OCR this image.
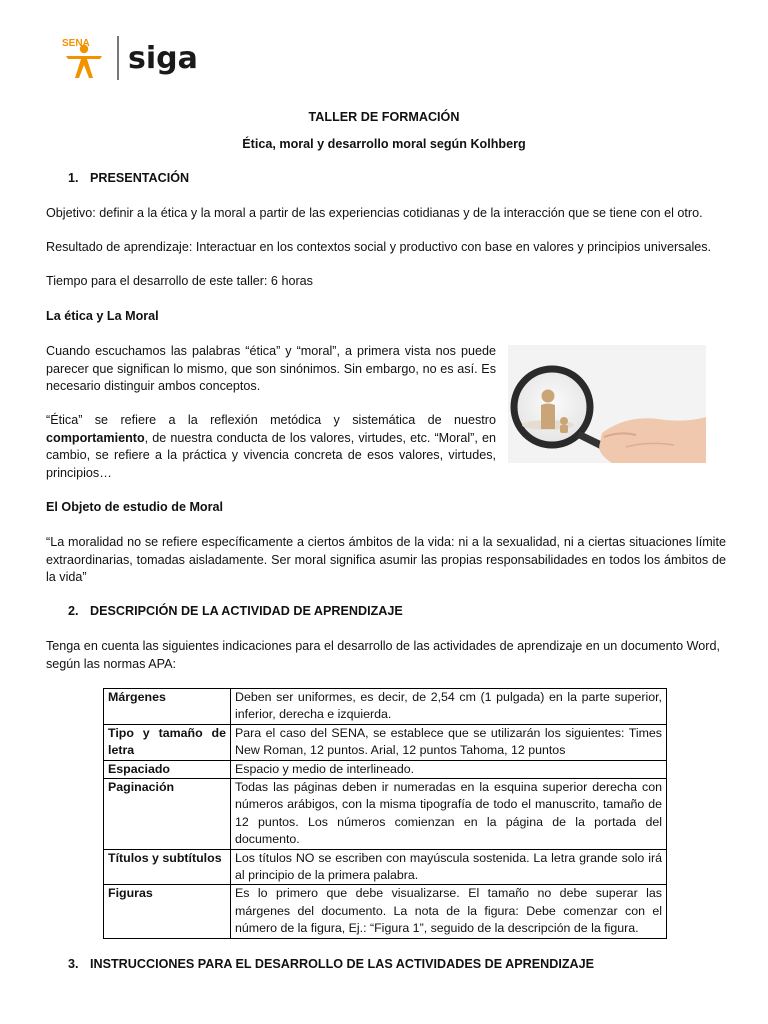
SENA siga
TALLER DE FORMACIÓN
Ética, moral y desarrollo moral según Kolhberg
1. PRESENTACIÓN
Objetivo: definir a la ética y la moral a partir de las experiencias cotidianas y de la interacción que se tiene con el otro.
Resultado de aprendizaje: Interactuar en los contextos social y productivo con base en valores y principios universales.
Tiempo para el desarrollo de este taller: 6 horas
La ética y La Moral
Cuando escuchamos las palabras “ética” y “moral”, a primera vista nos puede parecer que significan lo mismo, que son sinónimos. Sin embargo, no es así. Es necesario distinguir ambos conceptos.
“Ética” se refiere a la reflexión metódica y sistemática de nuestro comportamiento, de nuestra conducta de los valores, virtudes, etc. “Moral”, en cambio, se refiere a la práctica y vivencia concreta de esos valores, virtudes, principios…
El Objeto de estudio de Moral
“La moralidad no se refiere específicamente a ciertos ámbitos de la vida: ni a la sexualidad, ni a ciertas situaciones límite extraordinarias, tomadas aisladamente. Ser moral significa asumir las propias responsabilidades en todos los ámbitos de la vida”
2. DESCRIPCIÓN DE LA ACTIVIDAD DE APRENDIZAJE
Tenga en cuenta las siguientes indicaciones para el desarrollo de las actividades de aprendizaje en un documento Word, según las normas APA:
Márgenes	Deben ser uniformes, es decir, de 2,54 cm (1 pulgada) en la parte superior, inferior, derecha e izquierda.
Tipo y tamaño de letra	Para el caso del SENA, se establece que se utilizarán los siguientes: Times New Roman, 12 puntos. Arial, 12 puntos Tahoma, 12 puntos
Espaciado	Espacio y medio de interlineado.
Paginación	Todas las páginas deben ir numeradas en la esquina superior derecha con números arábigos, con la misma tipografía de todo el manuscrito, tamaño de 12 puntos. Los números comienzan en la página de la portada del documento.
Títulos y subtítulos	Los títulos NO se escriben con mayúscula sostenida. La letra grande solo irá al principio de la primera palabra.
Figuras	Es lo primero que debe visualizarse. El tamaño no debe superar las márgenes del documento. La nota de la figura: Debe comenzar con el número de la figura, Ej.: “Figura 1”, seguido de la descripción de la figura.
3. INSTRUCCIONES PARA EL DESARROLLO DE LAS ACTIVIDADES DE APRENDIZAJE
